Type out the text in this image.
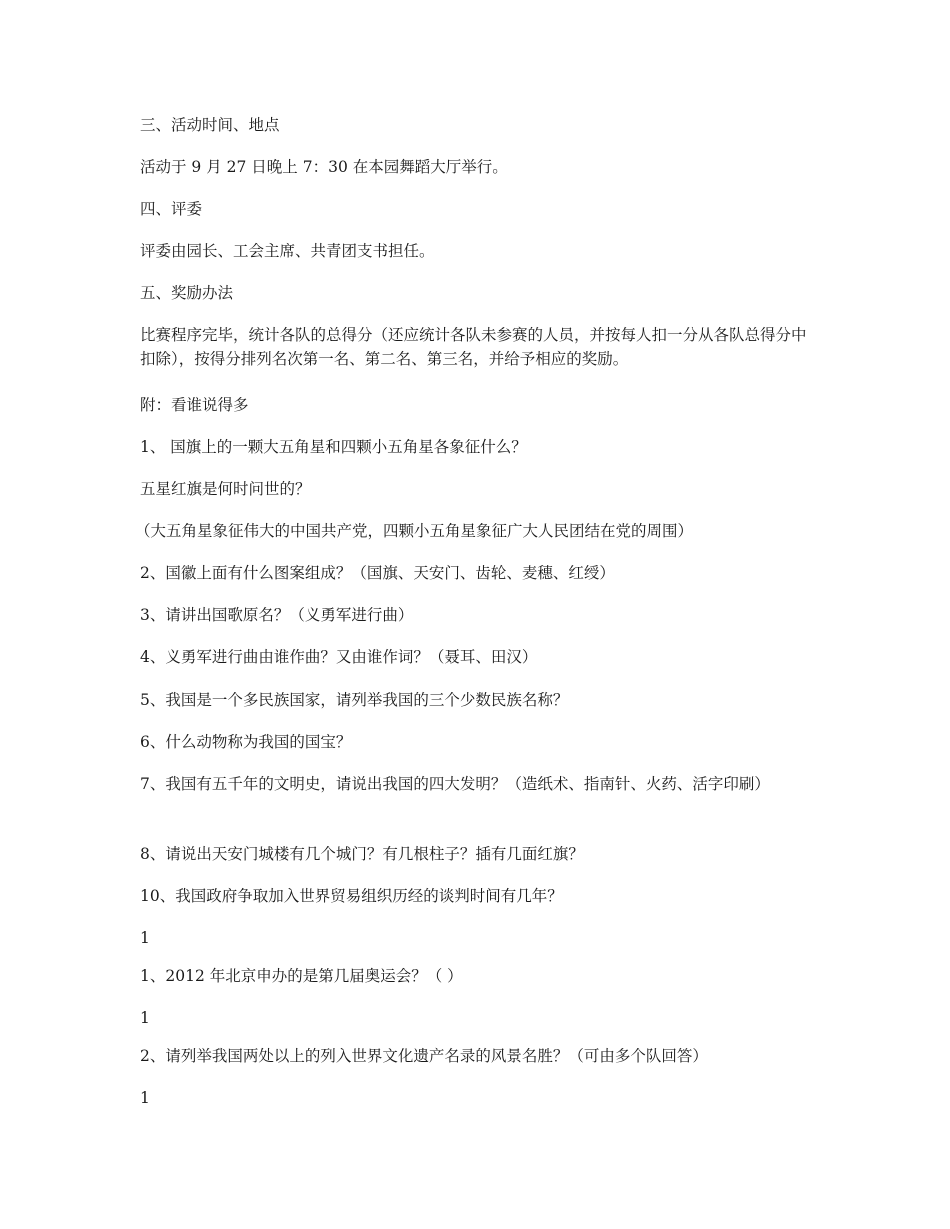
三、活动时间、地点

活动于 9 月 27 日晚上 7：30 在本园舞蹈大厅举行。

四、评委

评委由园长、工会主席、共青团支书担任。

五、奖励办法

比赛程序完毕，统计各队的总得分（还应统计各队未参赛的人员，并按每人扣一分从各队总得分中扣除），按得分排列名次第一名、第二名、第三名，并给予相应的奖励。

附：看谁说得多

1、 国旗上的一颗大五角星和四颗小五角星各象征什么？

五星红旗是何时问世的？

（大五角星象征伟大的中国共产党，四颗小五角星象征广大人民团结在党的周围）

2、国徽上面有什么图案组成？（国旗、天安门、齿轮、麦穗、红绶）

3、请讲出国歌原名？（义勇军进行曲）

4、义勇军进行曲由谁作曲？又由谁作词？（聂耳、田汉）

5、我国是一个多民族国家，请列举我国的三个少数民族名称？

6、什么动物称为我国的国宝？

7、我国有五千年的文明史，请说出我国的四大发明？（造纸术、指南针、火药、活字印刷）

8、请说出天安门城楼有几个城门？有几根柱子？插有几面红旗？

10、我国政府争取加入世界贸易组织历经的谈判时间有几年？

1

1、2012 年北京申办的是第几届奥运会？（ ）

1

2、请列举我国两处以上的列入世界文化遗产名录的风景名胜？（可由多个队回答）

1
